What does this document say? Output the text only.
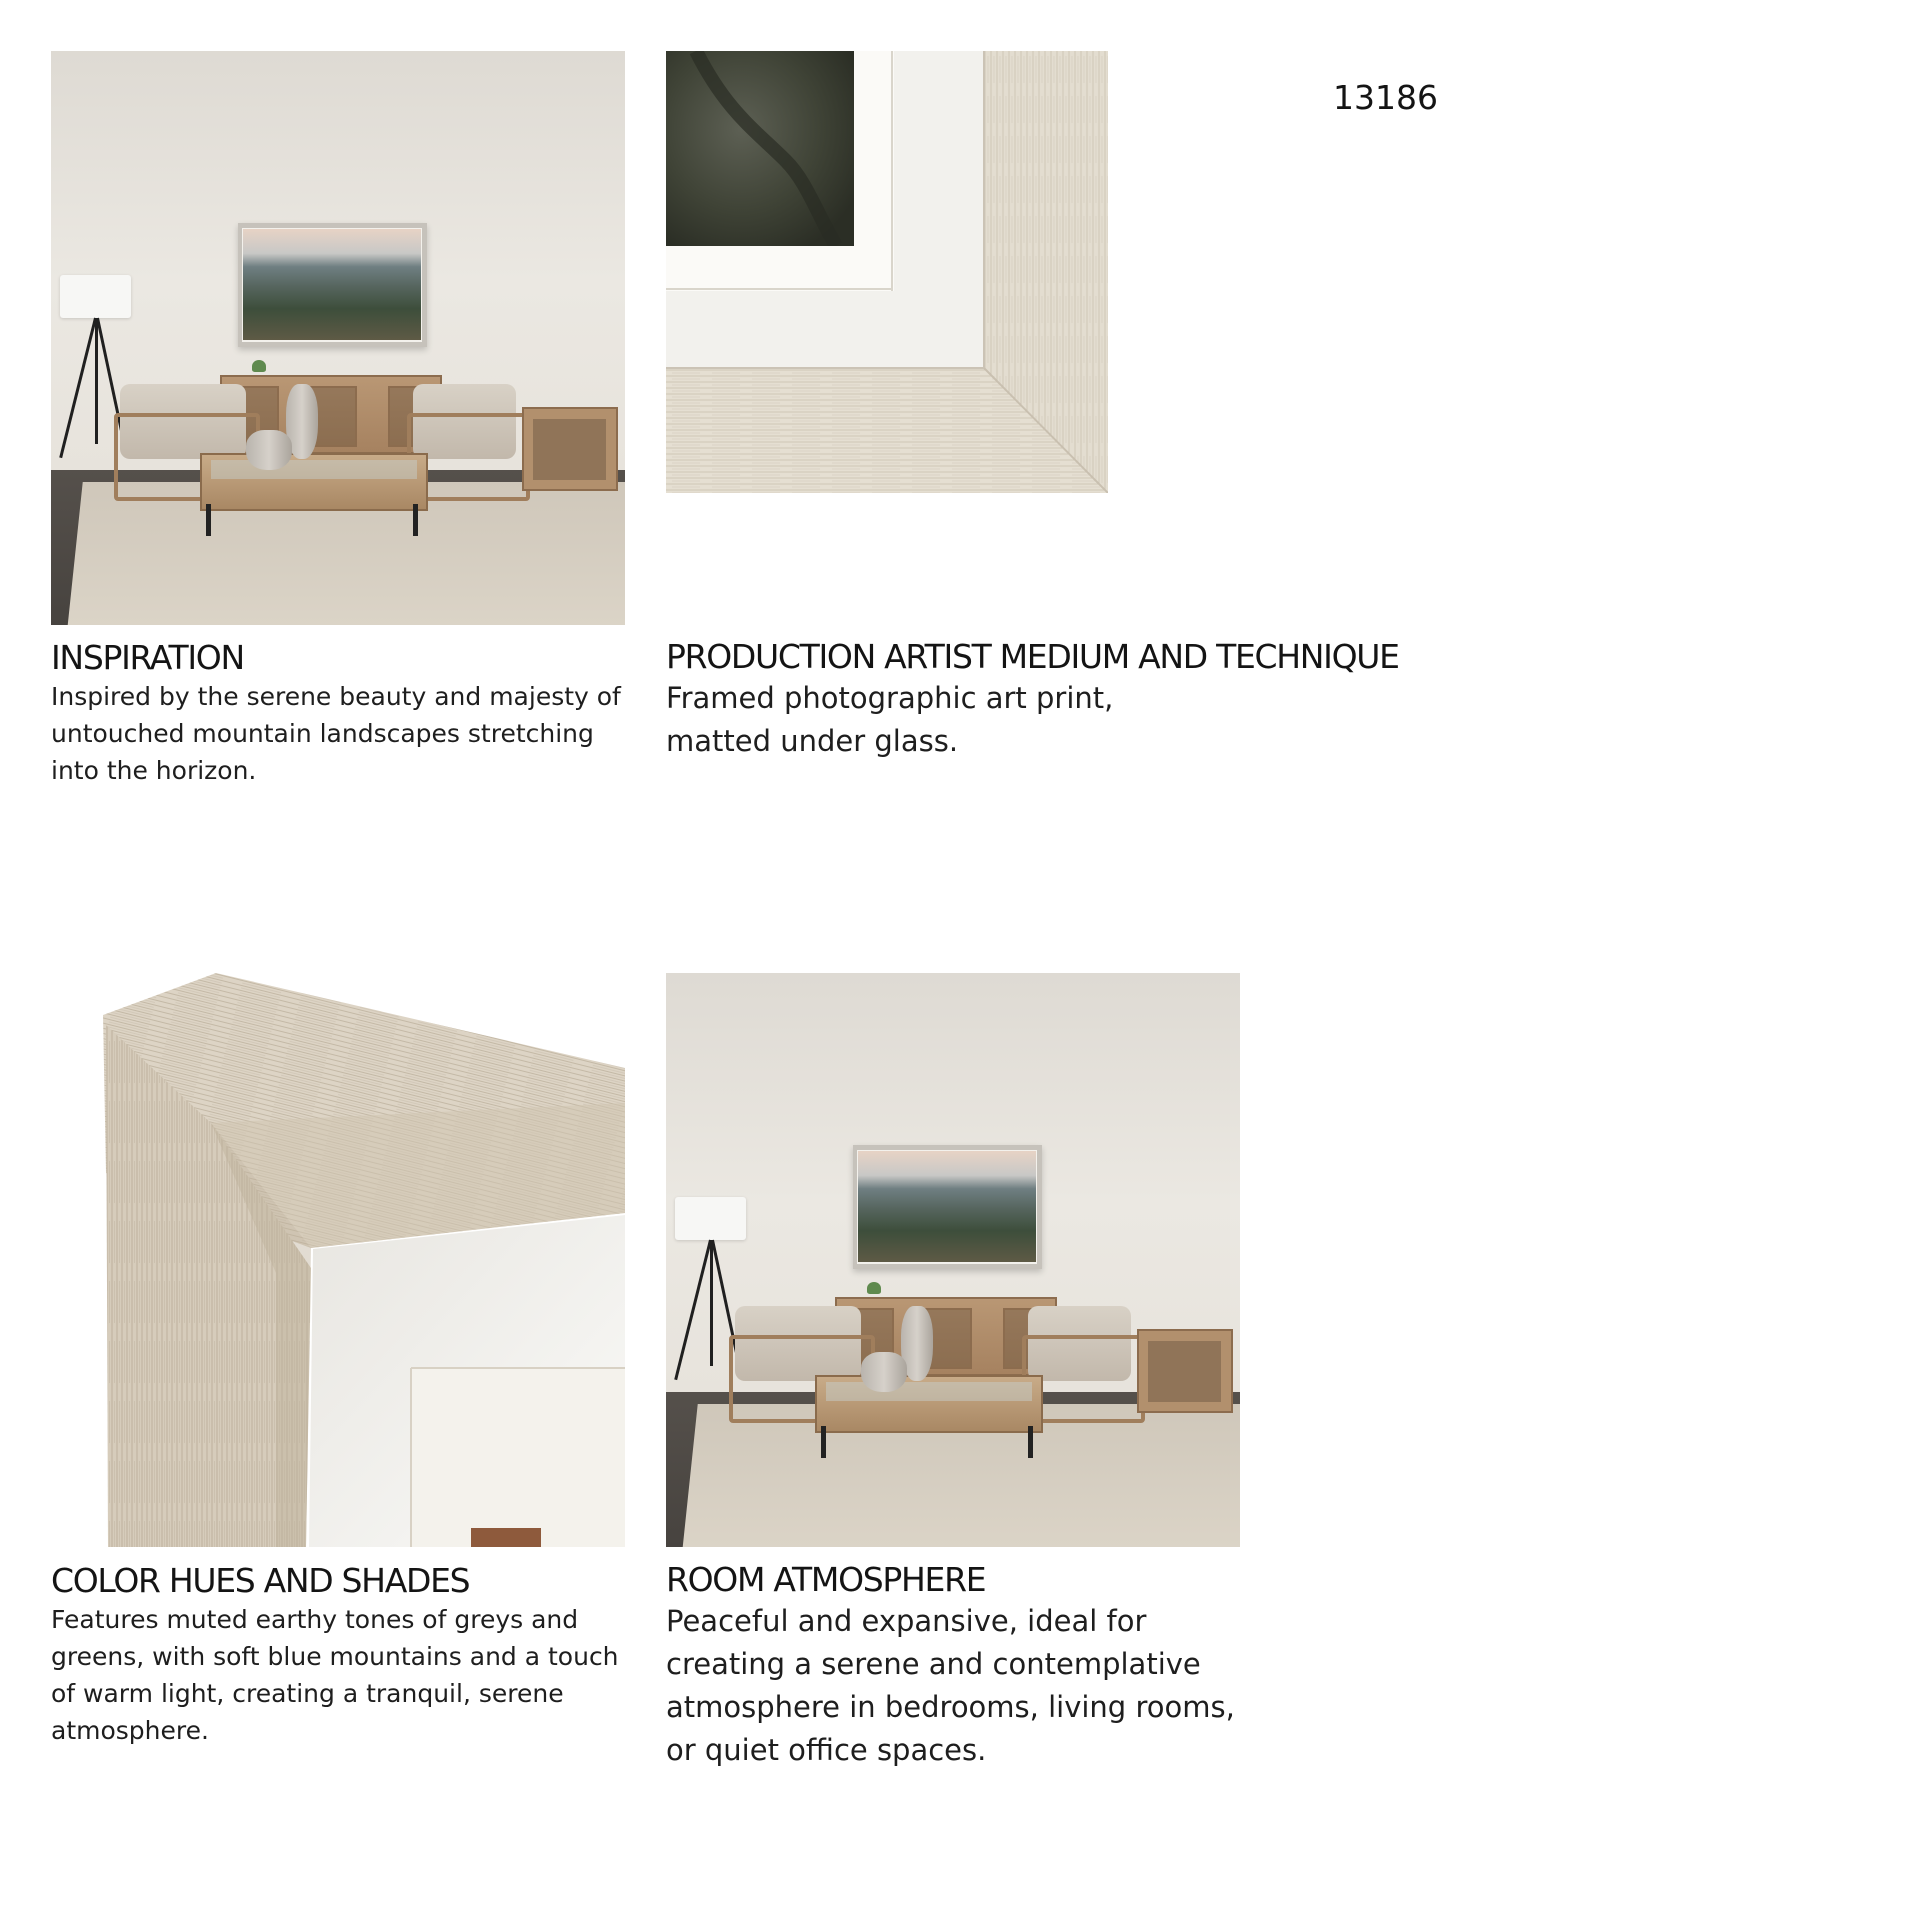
13186
INSPIRATION
Inspired by the serene beauty and majesty of untouched mountain landscapes stretching into the horizon.
PRODUCTION ARTIST MEDIUM AND TECHNIQUE
Framed photographic art print, matted under glass.
COLOR HUES AND SHADES
Features muted earthy tones of greys and greens, with soft blue mountains and a touch of warm light, creating a tranquil, serene atmosphere.
ROOM ATMOSPHERE
Peaceful and expansive, ideal for creating a serene and contemplative atmosphere in bedrooms, living rooms, or quiet office spaces.
